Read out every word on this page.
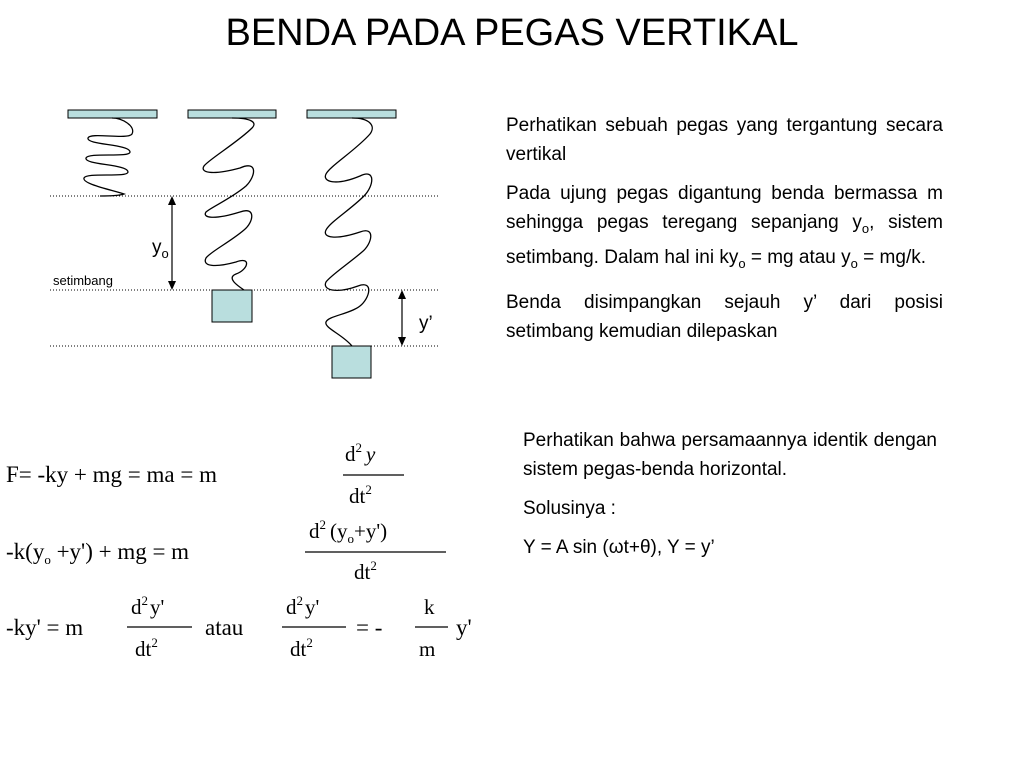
BENDA PADA PEGAS VERTIKAL
$y_o$
setimbang
y’

Perhatikan sebuah pegas yang tergantung secara vertikal

Pada ujung pegas digantung benda bermassa m sehingga pegas teregang sepanjang $y_o$, sistem setimbang. Dalam hal ini $ky_o$ = mg atau $y_o = mg/k$.

Benda disimpangkan sejauh y’ dari posisi setimbang kemudian dilepaskan

Perhatikan bahwa persamaannya identik dengan sistem pegas-benda horizontal.

Solusinya :

Y = A sin (ωt+θ), Y = y’

F= -ky + mg = ma = m
$d^2$ y
$dt^2$
$-k(y_o +y')$ + mg = m
$d^2$ $(y_o+y')$
$dt^2$
-ky' = m
$d^2y'$
$dt^2$
atau
$d^2y'$
$dt^2$
= -
k
m
y'
